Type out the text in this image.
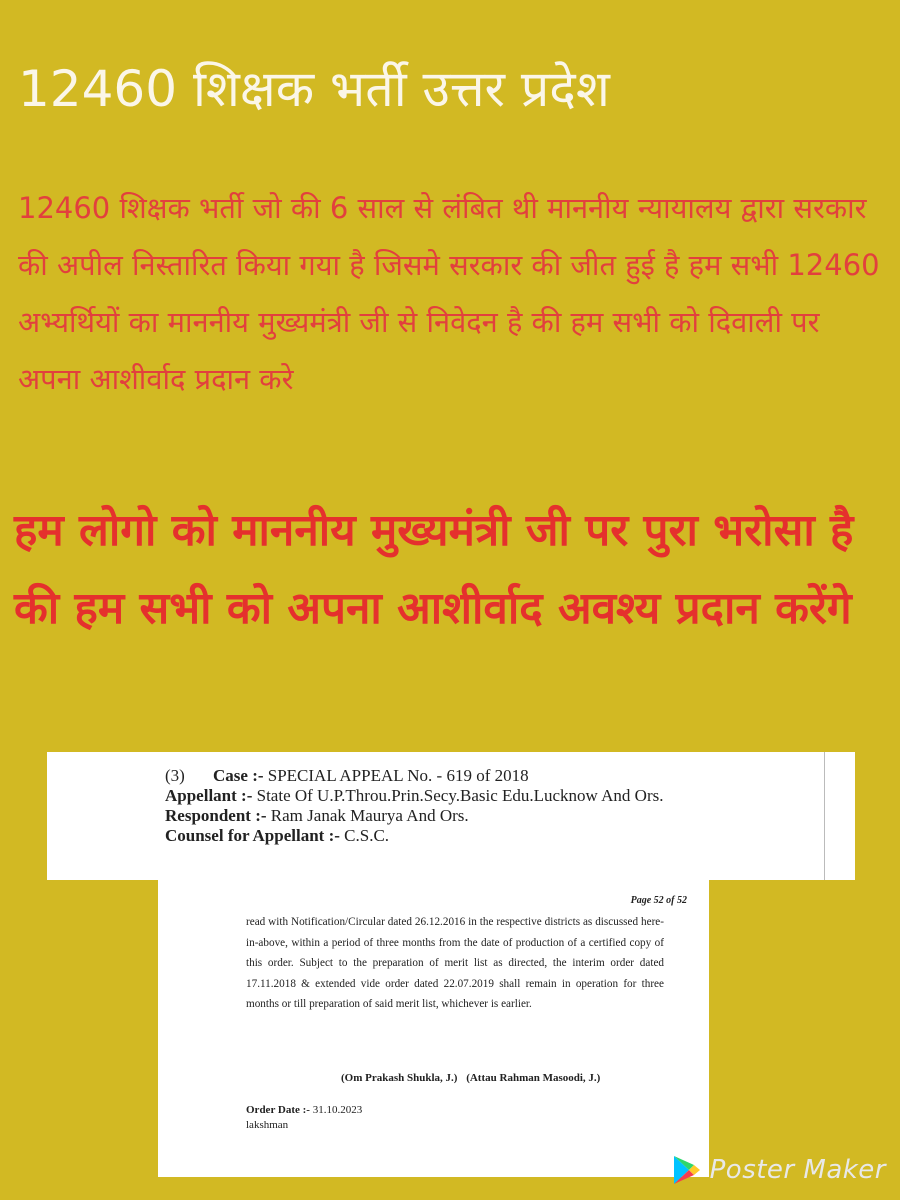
12460 शिक्षक भर्ती उत्तर प्रदेश

12460 शिक्षक भर्ती जो की 6 साल से लंबित थी माननीय न्यायालय द्वारा सरकार की अपील निस्तारित किया गया है जिसमे सरकार की जीत हुई है हम सभी 12460 अभ्यर्थियों का माननीय मुख्यमंत्री जी से निवेदन है की हम सभी को दिवाली पर अपना आशीर्वाद प्रदान करे

हम लोगो को माननीय मुख्यमंत्री जी पर पुरा भरोसा है की हम सभी को अपना आशीर्वाद अवश्य प्रदान करेंगे

(3) Case :- SPECIAL APPEAL No. - 619 of 2018
Appellant :- State Of U.P.Throu.Prin.Secy.Basic Edu.Lucknow And Ors.
Respondent :- Ram Janak Maurya And Ors.
Counsel for Appellant :- C.S.C.
Page 52 of 52

read with Notification/Circular dated 26.12.2016 in the respective districts as discussed here-in-above, within a period of three months from the date of production of a certified copy of this order. Subject to the preparation of merit list as directed, the interim order dated 17.11.2018 & extended vide order dated 22.07.2019 shall remain in operation for three months or till preparation of said merit list, whichever is earlier.

(Om Prakash Shukla, J.) (Attau Rahman Masoodi, J.)
Order Date :- 31.10.2023
lakshman
Poster Maker
